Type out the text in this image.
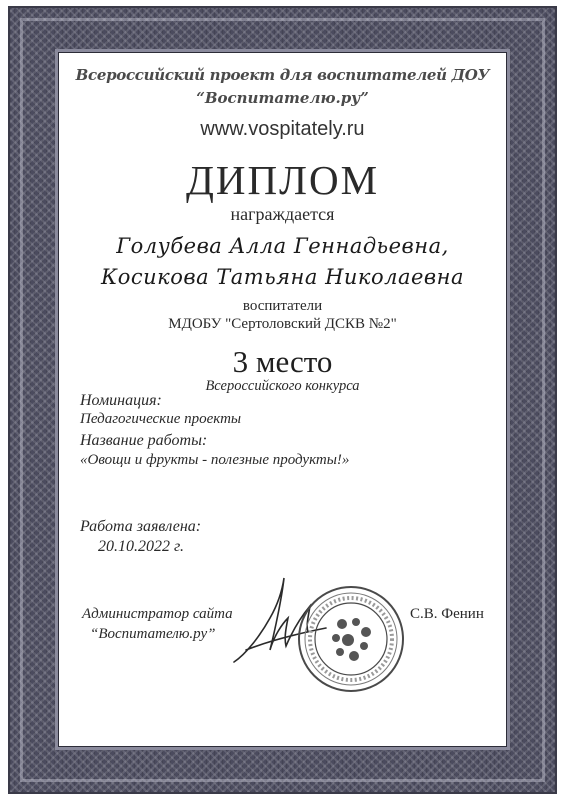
Всероссийский проект для воспитателей ДОУ
“Воспитателю.ру”
www.vospitately.ru
ДИПЛОМ
награждается
Голубева Алла Геннадьевна,
Косикова Татьяна Николаевна
воспитатели
МДОБУ "Сертоловский ДСКВ №2"
3 место
Всероссийского конкурса
Номинация:
Педагогические проекты
Название работы:
«Овощи и фрукты - полезные продукты!»
Работа заявлена:
20.10.2022 г.
Администратор сайта
“Воспитателю.ру”
С.В. Фенин
